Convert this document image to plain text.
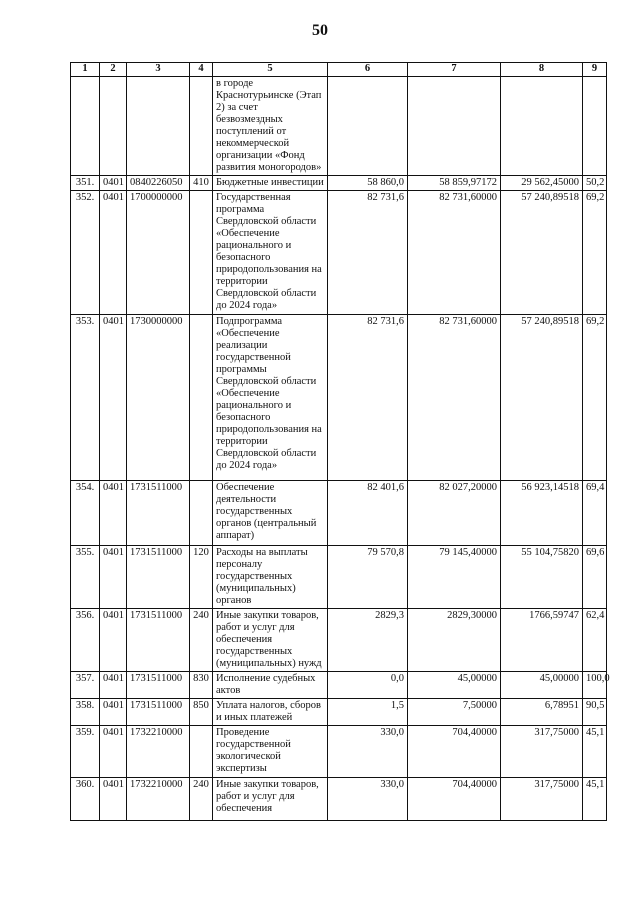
50
1	2	3	4	5	6	7	8	9
				в городе Краснотурьинске (Этап 2) за счет безвозмездных поступлений от некоммерческой организации «Фонд развития моногородов»				
351.	0401	0840226050	410	Бюджетные инвестиции	58 860,0	58 859,97172	29 562,45000	50,2
352.	0401	1700000000		Государственная программа Свердловской области «Обеспечение рационального и безопасного природопользования на территории Свердловской области до 2024 года»	82 731,6	82 731,60000	57 240,89518	69,2
353.	0401	1730000000		Подпрограмма «Обеспечение реализации государственной программы Свердловской области «Обеспечение рационального и безопасного природопользования на территории Свердловской области до 2024 года»	82 731,6	82 731,60000	57 240,89518	69,2
354.	0401	1731511000		Обеспечение деятельности государственных органов (центральный аппарат)	82 401,6	82 027,20000	56 923,14518	69,4
355.	0401	1731511000	120	Расходы на выплаты персоналу государственных (муниципальных) органов	79 570,8	79 145,40000	55 104,75820	69,6
356.	0401	1731511000	240	Иные закупки товаров, работ и услуг для обеспечения государственных (муниципальных) нужд	2829,3	2829,30000	1766,59747	62,4
357.	0401	1731511000	830	Исполнение судебных актов	0,0	45,00000	45,00000	100,0
358.	0401	1731511000	850	Уплата налогов, сборов и иных платежей	1,5	7,50000	6,78951	90,5
359.	0401	1732210000		Проведение государственной экологической экспертизы	330,0	704,40000	317,75000	45,1
360.	0401	1732210000	240	Иные закупки товаров, работ и услуг для обеспечения	330,0	704,40000	317,75000	45,1
